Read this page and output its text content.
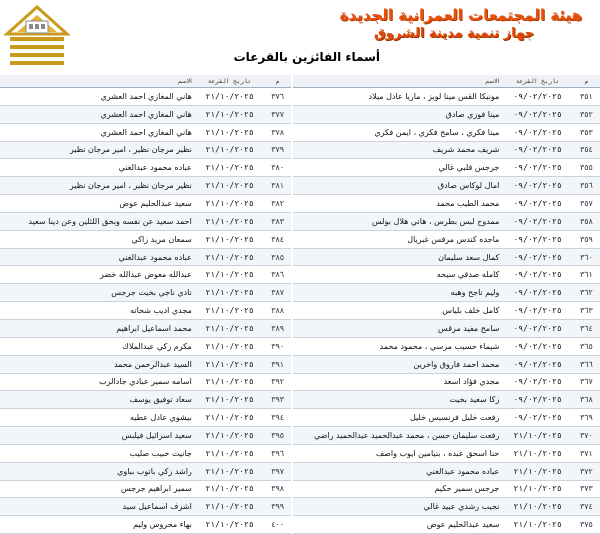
هيئة المجتمعات العمرانية الجديدة
جهاز تنمية مدينة الشروق
أسماء الفائزين بالقرعات
م	تاريخ القرعة	الاسم
٣٥١	٠٩/٠٢/٢٠٢٥	مونيكا القس مينا لويز ، ماريا عادل ميلاد
٣٥٢	٠٩/٠٢/٢٠٢٥	مينا فوزي صادق
٣٥٣	٠٩/٠٢/٢٠٢٥	مينا فكري ، سامح فكري ، ايمن فكري
٣٥٤	٠٩/٠٢/٢٠٢٥	شريف محمد شريف
٣٥٥	٠٩/٠٢/٢٠٢٥	جرجس قلبي غالي
٣٥٦	٠٩/٠٢/٢٠٢٥	امال لوكاس صادق
٣٥٧	٠٩/٠٢/٢٠٢٥	محمد الطيب محمد
٣٥٨	٠٩/٠٢/٢٠٢٥	ممدوح لبس بطرس ، هاني هلال بولس
٣٥٩	٠٩/٠٢/٢٠٢٥	ماجده كندس مرقس غبريال
٣٦٠	٠٩/٠٢/٢٠٢٥	كمال سعد سليمان
٣٦١	٠٩/٠٢/٢٠٢٥	كامله صدقي سيحه
٣٦٢	٠٩/٠٢/٢٠٢٥	وليم ناجح وهبه
٣٦٣	٠٩/٠٢/٢٠٢٥	كامل خلف بلياس
٣٦٤	٠٩/٠٢/٢٠٢٥	سامح مفيد مرقس
٣٦٥	٠٩/٠٢/٢٠٢٥	شيماء حسيب مرسي ، محمود محمد
٣٦٦	٠٩/٠٢/٢٠٢٥	محمد احمد فاروق واخرين
٣٦٧	٠٩/٠٢/٢٠٢٥	مجدي فؤاد اسعد
٣٦٨	٠٩/٠٢/٢٠٢٥	زكا سعيد بخيت
٣٦٩	٠٩/٠٢/٢٠٢٥	رفعت خليل فرنسيس خليل
٣٧٠	٢١/١٠/٢٠٢٥	رفعت سليمان حسن ، محمد عبدالحميد عبدالحميد راضي
٣٧١	٢١/١٠/٢٠٢٥	حنا اسحق عبده ، بنيامين ايوب واصف
٣٧٢	٢١/١٠/٢٠٢٥	عباده محمود عبدالغني
٣٧٣	٢١/١٠/٢٠٢٥	جرجس سمير حكيم
٣٧٤	٢١/١٠/٢٠٢٥	نجيب رشدي عبيد غالي
٣٧٥	٢١/١٠/٢٠٢٥	سعيد عبدالحليم عوض
م	تاريخ القرعة	الاسم
٣٧٦	٢١/١٠/٢٠٢٥	هاني المغازي احمد العشري
٣٧٧	٢١/١٠/٢٠٢٥	هاني المغازي احمد العشري
٣٧٨	٢١/١٠/٢٠٢٥	هاني المغازي احمد العشري
٣٧٩	٢١/١٠/٢٠٢٥	نظير مرجان نظير ، امير مرجان نظير
٣٨٠	٢١/١٠/٢٠٢٥	عباده محمود عبدالغني
٣٨١	٢١/١٠/٢٠٢٥	نظير مرجان نظير ، امير مرجان نظير
٣٨٢	٢١/١٠/٢٠٢٥	سعيد عبدالحليم عوض
٣٨٣	٢١/١٠/٢٠٢٥	احمد سعيد عن نفسه وبحق اللثلين وعن دينا سعيد
٣٨٤	٢١/١٠/٢٠٢٥	سمعان مريد زاكي
٣٨٥	٢١/١٠/٢٠٢٥	عباده محمود عبدالغني
٣٨٦	٢١/١٠/٢٠٢٥	عبدالله معوض عبدالله خضر
٣٨٧	٢١/١٠/٢٠٢٥	نادي ناجي بخيت جرجس
٣٨٨	٢١/١٠/٢٠٢٥	مجدي اديب شحاته
٣٨٩	٢١/١٠/٢٠٢٥	محمد اسماعيل ابراهيم
٣٩٠	٢١/١٠/٢٠٢٥	مكرم زكي عبدالملاك
٣٩١	٢١/١٠/٢٠٢٥	السيد عبدالرحمن محمد
٣٩٢	٢١/١٠/٢٠٢٥	اسامه سمير عبادي جادالرب
٣٩٣	٢١/١٠/٢٠٢٥	سعاد توفيق يوسف
٣٩٤	٢١/١٠/٢٠٢٥	بيشوي عادل عطيه
٣٩٥	٢١/١٠/٢٠٢٥	سعيد اسرائيل فيلبس
٣٩٦	٢١/١٠/٢٠٢٥	جانيت حبيب صليب
٣٩٧	٢١/١٠/٢٠٢٥	راشد زكي باتوب بباوي
٣٩٨	٢١/١٠/٢٠٢٥	سمير ابراهيم جرجس
٣٩٩	٢١/١٠/٢٠٢٥	اشرف اسماعيل سيد
٤٠٠	٢١/١٠/٢٠٢٥	بهاء محروس وليم
